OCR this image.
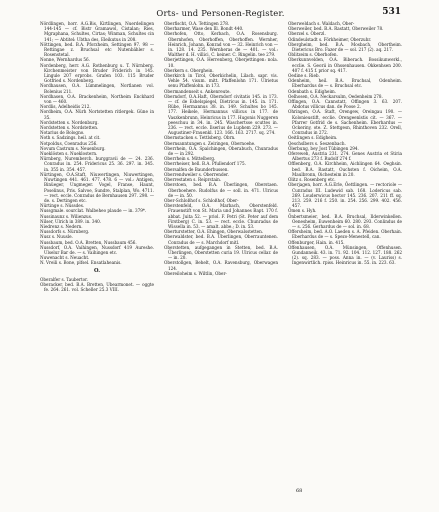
Orts- und Personen-Register.	531

Nördlingen, horr. A.G.Bis, Kirtlingen, Nuerdelingen 144-145 — cf. Bistr Gramawol, Cistalan; Ries, Mgraphana, Schultes, Cirtas; Winman, Schultes cin 141; — Abtitel: Ubtha des, Eleikutus in 208.

Nöttingen, bed. B.A. Pforzheim, Settingen 97. 98 — Rettingae z. Bruchsal etc Nutenbähler s. Rosenstetal.

Nonne, Wernhardus 56.

Nordenberg, herr. A.G. Rothenburg u. T. Nürnberg. Kirchenmeister von Bruder Friderich in 145. Lingule 207 erprobs. Grafen 103. 115 Bruder Gotfried s. Nordenberg.

Nordhausen, O.A. Lümmelingen, Nortlanen vol. Bolenius 211.

Nordhasen, O.A. Brackenheim, Northeim Enckhard von — 460.

Nordlis, Adelheidis 212.

Nordheim, O.A. Nürh Nortstetten ritlergek. Güne in 35.

Nordstetten s. Nordenburg.

Nordstetten s. Nordstetten.

Notarius de Bologno.

Noth s. Sadzings. heil. at cit.

Notpoldus, Coenradus 256.

Novum Castrum s. Neuenburg.

Nueklösten s. Nueklostern.

Nürnberg, Nuremberch. burggravii de — 24. 236. Conradus in. 254. Fridericus 25. 36. 297. in. 345. in. 355 in. 354. 457.

Nürtingen, O.A.Staft, Niuwertingen, Niuwertingen, Nuwtingen 441. 461. 477. 478. 6 — vol.: Antigen, Binüeger, Ungmeger. Vogel, Franse, Haunt, Poselinus, Pris. Salvoe, Sundre, Stalplan, Wo. 4711. — rect. eccle. Conradus de Bernhausen 297. 298. — de. s. Dertingen etc.

Nürtinge s. Nüssdes.

Nussgmale. sourclat. Walbeheo plaude — in. 379*.

Nussinaunz s. Wilienzus.

Nilser, Ulrich in 389. in. 340.

Niedrenz s. Nedern.

Nussdorfs s. Nürnberg.

Nusz s. Nuusle.

Nussbaum, bed. O.A. Bretten, Nussbaum 456.

Nussdorf, O.A. Vaihingen, Nussdorf 419 Aureshe. Ulselur Bar de. — s. Vaihingen etc.

Nuwenacht s. Neuacht.

N. Vreili s. Bone, plfsel. Ensatlaheanis.

O.

Oberalfer s. Taubertor.

Oberacker, bed. B.A. Bretten, Ubearmonet. — oggte fe. 264. 261. vol. Scheller 25.3 VIII.

Oberfischt, O.A. Tettingen 278.

Oberharmer, Wase den Ill. Bondt 440.

Oberhofen, Otto, Kerbach, O.A. Rosensburg. Obernhofen, Oberhoffen, Oberhoffen. Wernher, Heinrich, Johann, Konrad von — 32. Heinrich von — in. 128. 14. 235. Wernheras de — 401. — vol.: Walther d. H. villici, C. keiner. C. Ringelin. tee 279.

Oberjettingen, O.A. Herrenberg, Oberjettingen: nola. 10.

Oberkern s. Oberghein.

Oberkirch in Tirol, Oberkichelin, Lilach. sapr. vis. Vehle 54. visum. mitt. Pfaffenlohn 171. Ulrietus senu Pfaffenlohn. in 173.

Obermandenseit s. Ankenreute.

Oberndorf, O.A.Haft, Oberndorf civitatis 145. in 173. — cf. de Eshelspiegel, Dietricus in. 145. in. 171. Rübe, Hermannus 38. in. 149. Schultes bo 145. 177. Heikele, Hermannus villicus in 177. de Vaszkenbrunn, Heinricus in 177. Hugonis Nuggeren peeschuu in 34. in. 245. Waschertsse scuttes in. 236. — rect. eccle. Ilserius de Luphem 229. 273. — Augustiner-Frauenkl. 123. 166. 163. 2717. sq. 274.

Obernstacken s. Tettlsberg. Obrn.

Obernsanntungen s. Zeiringen, Obernoehe.

Oberrhein, O.A. Spalchingen, Oberabuch, Chunradus de — in 292.

Oberrhein s. Mittelberg.

Oberrheiser, hell. B.A. Pfullendorf 175.

Obersalfen de Baunderbussen.

Oberrendweiler s. Oberrender.

Oberrestaten s. Reiprstain.

Oberstoen, bed. B.A. Überlingen, Oberstaen. Oberboehere. Rudolfus de — soll. in. 471. Ulricus de — in. 50.

Ober-Schloßhof s. Schloßhof, Ober-

Oberstenfeld, O.A. Marbach, Oberstenfeld. Frauenstift von St. Maria und Johannes Bapt. 170 f. abbat. Juita 52. — priol. F. Petri (St. Peter auf dem Firstberg) C. in. 53. — rect. eccle. Chunradus de Wissella in. 53. — amalt. abbe.; D. in. 53.

Oberturstetter, O.A. Ehingen, Oberwalsstetten.

Oberwaldster, bed. B.A. Überlingen, Oberrauntenen. Conradus de — s. Marchdorf mitl.

Oberstetten, aufgegangen in Stetten, bed. B.A. Überlingen, Oberstetten curia 19. Ulricus cellar. de — in. 20.

Oberstollgen, Behelt, O.A. Ravensburg, Oberwagen 124.

Obereiloheim s. Wiltlin, Ober-

Oberweldach s. Waldach, Ober-

Oberweiler, bed. B.A. Rastatt, Oberweiler 78.

Oberzel s. Oberzl.

Odindeulstadt s. Förkheimer, Oberzuhr.

Obergheim, bed. B.A. Mosbach, Obertheim. Dietericus Bro. Fazer de — sol. 217 (2). aq. 217.

Oblitzeim s. Oberhofen.

Oberkunnvelden, O.A. Biberach. Bossikunwerkl., ecclie. S. Georii in Ohssenhausen. Okkenhsen 200. 407 f. 415 f. prior sq. 417.

Oedine s. Rieb.

Odenheim, heil. B.A. Bruchsal, Odenheim. Eberhardus de — s. Bruchsal etc.

Odenbath s. Edigheim.

Oelhosen, O.A. Neckarsulm, Oedenheim 278.

Offingen, O.A. Cannstatt, Offingen 3. 63. 207. Abdotus villicus dan. de Poose 2.

Ohringen, O.A. Staft, Orengew, Oreingau 190. — Kolonieustift, ecclie. Orengeenlstis cit. — 367. — Pfarrer Gotfrid de s. Sachenheim. Eberhardus — Ockeriny, ote. Z. Stettgesn, Rhinthoven 232. Orell, Conradus in 272.

Oeitlingen s. Edigheim.

Oeschslbers s. Seszenbach.

Ölerbung, bey Jost Tübingen 294.

Ofereweh, Austria 231. 274. Genes Austria et Stiria Albertus 273 f. Rudolf 274 f.

Offlenberg, O.A. Kirchheim, Aichlingen 64. Oeghsin. bed. B.A. Rastatt, Ouchsten f. Oicheim, O.A. Maulbronn, Oichesteim in 20.

Olitz s. Rosenberg etc.

Oberjagen, horr. A.G.Erle, Öettlingen. — rectoriole — Cunradus III. Ludewid sab. 168. Lodericus sab. 269. Louderwicus hector 145. 236. 207. 211 ff. sq. 213. 259. 216 f. 250. in. 254. 256. 299. 402. 456. 457.

Ömen s. Hyh.

Önbertsmeier, bed. B.A. Bruchsal, Ilderwinkellen. Oenesheim, Euwenheim 60. 280. 293. Conlindus de — s. 256. Gerhardus de — sol. in. 68.

Offersheim, bed. A.O. Laeden s. A. Pfeiden. Oberhain. Eberhardus de — s. Spezo-Menestell, can.

Offenburger, Hain. in. 415.

Offenhausen, O.A. Münsingen, Offenhusen. Gundanneik. 43. in. 71. 92. 104. 112. 127. 188. 262 (2). sq. 283. — poss. Anna in. — (v. Lauriss) s. Ingenwirtlich. rpiss. Heinricus in. 55. in. 223. 63.

68
